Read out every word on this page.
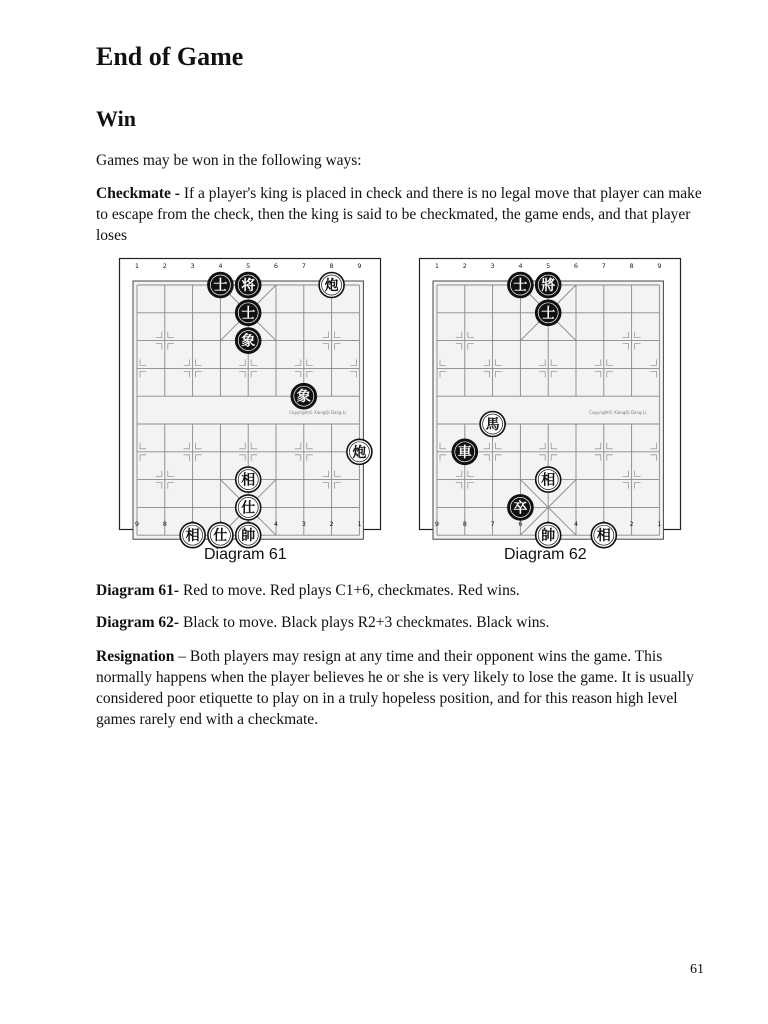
End of Game
Win

Games may be won in the following ways:

Checkmate - If a player's king is placed in check and there is no legal move that player can make to escape from the check, then the king is said to be checkmated, the game ends, and that player loses

Copyright© XiangQi Dang Li
1	2	3	4	5	6	7	8	9
9	8	4	3	2	1
士 将	炮
士
象
象
炮
相
仕
相 仕 帥
Copyright© XiangQi Dang Li
1	2	3	4	5	6	7	8	9
9	8	7	6	4	2	1
士 將
士
馬
車
相
卒
帥	相
Diagram 61	Diagram 62

Diagram 61- Red to move. Red plays C1+6, checkmates. Red wins.

Diagram 62- Black to move. Black plays R2+3 checkmates. Black wins.

Resignation – Both players may resign at any time and their opponent wins the game. This normally happens when the player believes he or she is very likely to lose the game. It is usually considered poor etiquette to play on in a truly hopeless position, and for this reason high level games rarely end with a checkmate.

61
